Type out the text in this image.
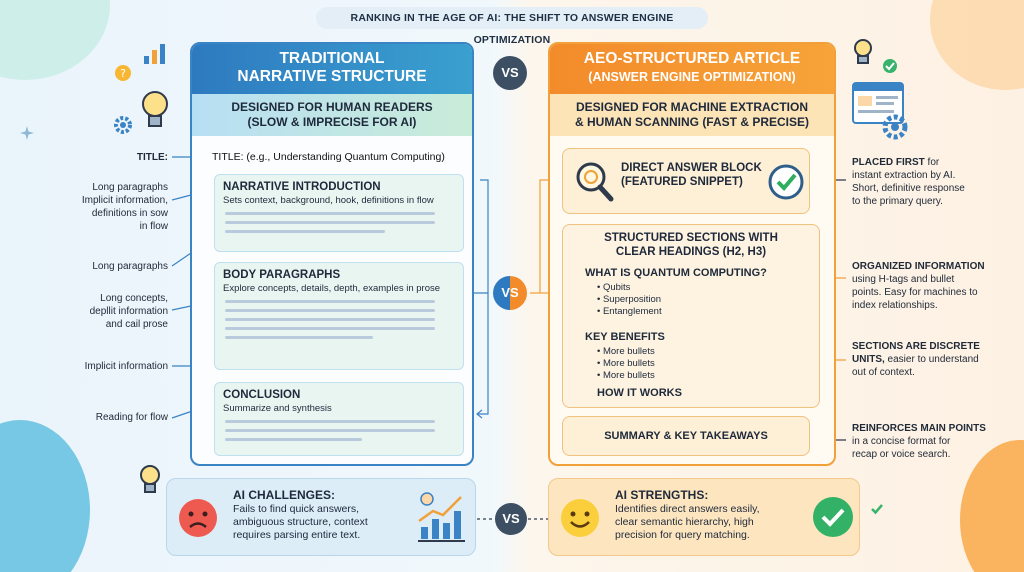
RANKING IN THE AGE OF AI: THE SHIFT TO ANSWER ENGINE OPTIMIZATION
?
TRADITIONAL
NARRATIVE STRUCTURE
DESIGNED FOR HUMAN READERS
(SLOW & IMPRECISE FOR AI)
TITLE: (e.g., Understanding Quantum Computing)
NARRATIVE INTRODUCTION
Sets context, background, hook, definitions in flow
BODY PARAGRAPHS
Explore concepts, details, depth, examples in prose
CONCLUSION
Summarize and synthesis
TITLE:
Long paragraphs
Implicit information,
definitions in sow
in flow
Long paragraphs
Long concepts,
depllit information
and cail prose
Implicit information
Reading for flow
VS
VS
VS
AEO-STRUCTURED ARTICLE
(ANSWER ENGINE OPTIMIZATION)
DESIGNED FOR MACHINE EXTRACTION
& HUMAN SCANNING (FAST & PRECISE)
DIRECT ANSWER BLOCK
(FEATURED SNIPPET)
STRUCTURED SECTIONS WITH
CLEAR HEADINGS (H2, H3)
WHAT IS QUANTUM COMPUTING?
• Qubits
• Superposition
• Entanglement
KEY BENEFITS
• More bullets
• More bullets
• More bullets
HOW IT WORKS
SUMMARY & KEY TAKEAWAYS
PLACED FIRST for
instant extraction by AI.
Short, definitive response
to the primary query.
ORGANIZED INFORMATION
using H-tags and bullet
points. Easy for machines to
index relationships.
SECTIONS ARE DISCRETE
UNITS, easier to understand
out of context.
REINFORCES MAIN POINTS
in a concise format for
recap or voice search.
AI CHALLENGES:
Fails to find quick answers,
ambiguous structure, context
requires parsing entire text.
AI STRENGTHS:
Identifies direct answers easily,
clear semantic hierarchy, high
precision for query matching.
